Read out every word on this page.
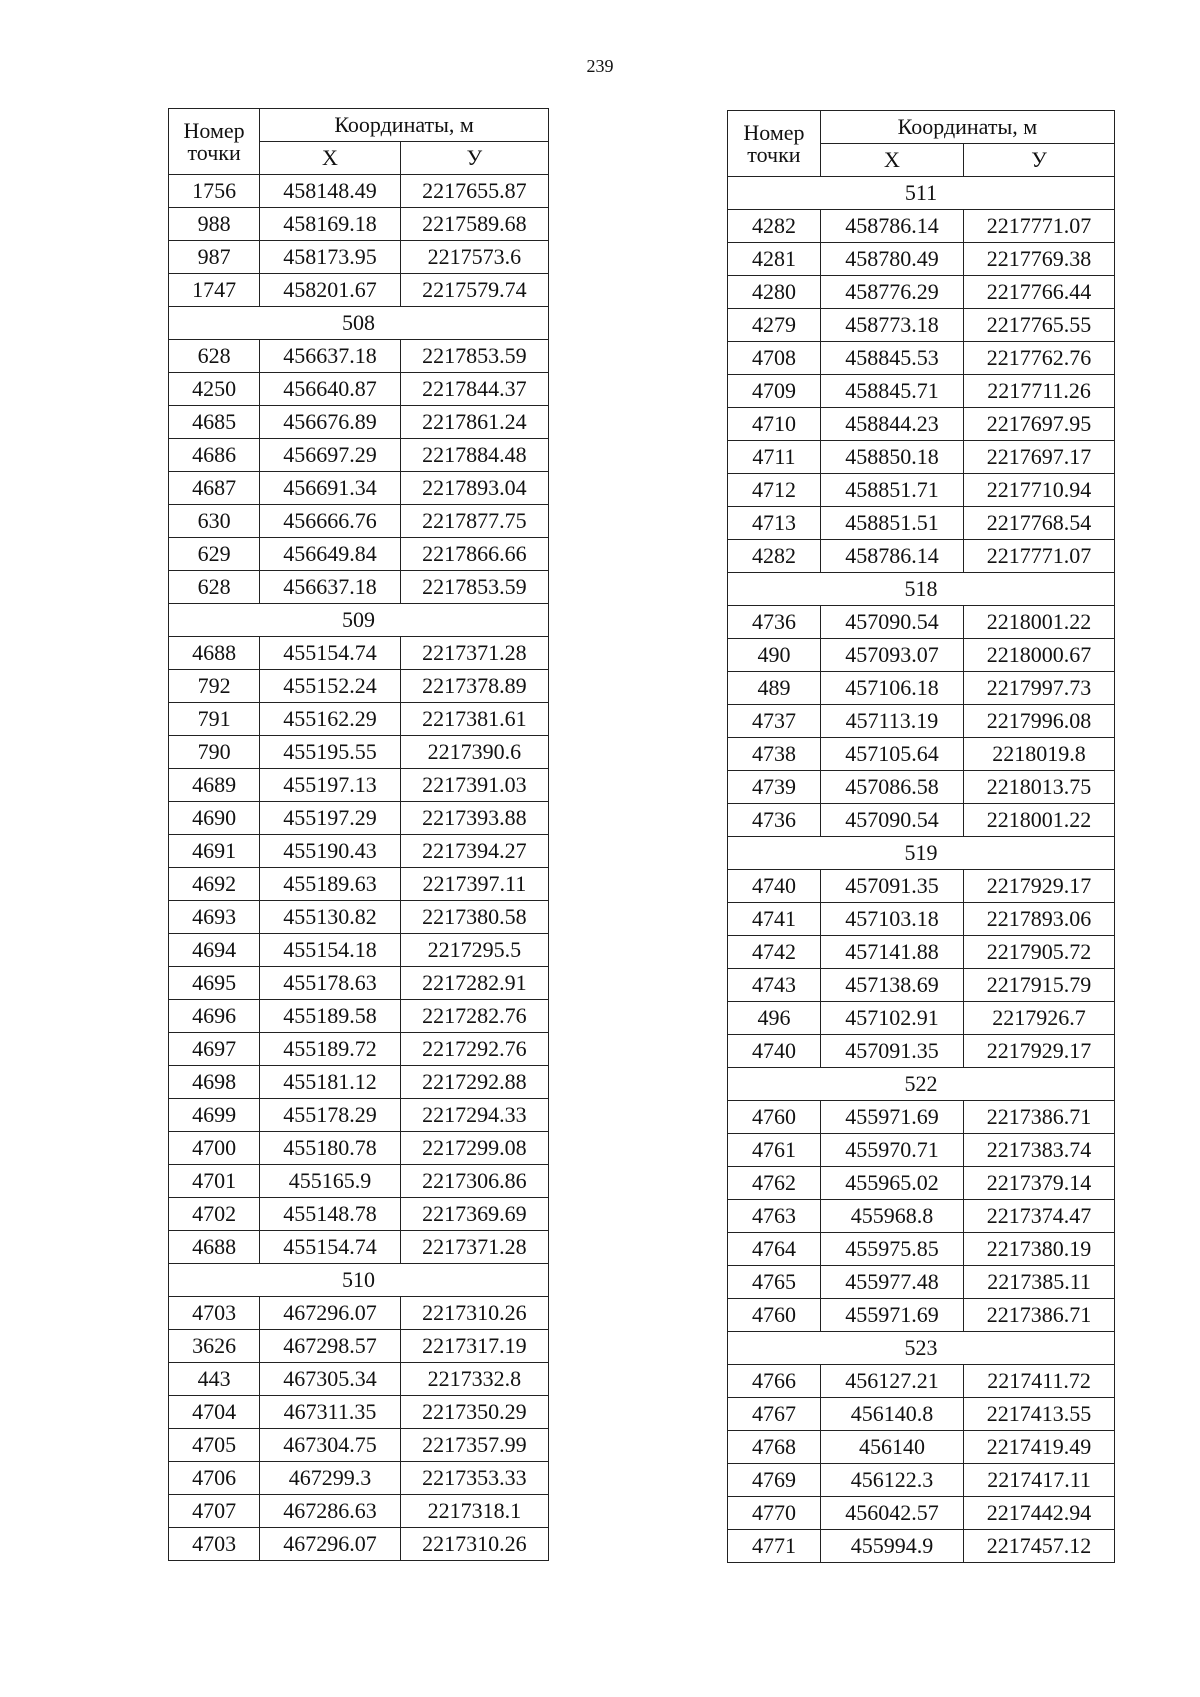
239
Номер
точки	Координаты, м	
	Х	У
1756	458148.49	2217655.87
988	458169.18	2217589.68
987	458173.95	2217573.6
1747	458201.67	2217579.74
508		
628	456637.18	2217853.59
4250	456640.87	2217844.37
4685	456676.89	2217861.24
4686	456697.29	2217884.48
4687	456691.34	2217893.04
630	456666.76	2217877.75
629	456649.84	2217866.66
628	456637.18	2217853.59
509		
4688	455154.74	2217371.28
792	455152.24	2217378.89
791	455162.29	2217381.61
790	455195.55	2217390.6
4689	455197.13	2217391.03
4690	455197.29	2217393.88
4691	455190.43	2217394.27
4692	455189.63	2217397.11
4693	455130.82	2217380.58
4694	455154.18	2217295.5
4695	455178.63	2217282.91
4696	455189.58	2217282.76
4697	455189.72	2217292.76
4698	455181.12	2217292.88
4699	455178.29	2217294.33
4700	455180.78	2217299.08
4701	455165.9	2217306.86
4702	455148.78	2217369.69
4688	455154.74	2217371.28
510		
4703	467296.07	2217310.26
3626	467298.57	2217317.19
443	467305.34	2217332.8
4704	467311.35	2217350.29
4705	467304.75	2217357.99
4706	467299.3	2217353.33
4707	467286.63	2217318.1
4703	467296.07	2217310.26
Номер
точки	Координаты, м	
	Х	У
511		
4282	458786.14	2217771.07
4281	458780.49	2217769.38
4280	458776.29	2217766.44
4279	458773.18	2217765.55
4708	458845.53	2217762.76
4709	458845.71	2217711.26
4710	458844.23	2217697.95
4711	458850.18	2217697.17
4712	458851.71	2217710.94
4713	458851.51	2217768.54
4282	458786.14	2217771.07
518		
4736	457090.54	2218001.22
490	457093.07	2218000.67
489	457106.18	2217997.73
4737	457113.19	2217996.08
4738	457105.64	2218019.8
4739	457086.58	2218013.75
4736	457090.54	2218001.22
519		
4740	457091.35	2217929.17
4741	457103.18	2217893.06
4742	457141.88	2217905.72
4743	457138.69	2217915.79
496	457102.91	2217926.7
4740	457091.35	2217929.17
522		
4760	455971.69	2217386.71
4761	455970.71	2217383.74
4762	455965.02	2217379.14
4763	455968.8	2217374.47
4764	455975.85	2217380.19
4765	455977.48	2217385.11
4760	455971.69	2217386.71
523		
4766	456127.21	2217411.72
4767	456140.8	2217413.55
4768	456140	2217419.49
4769	456122.3	2217417.11
4770	456042.57	2217442.94
4771	455994.9	2217457.12
